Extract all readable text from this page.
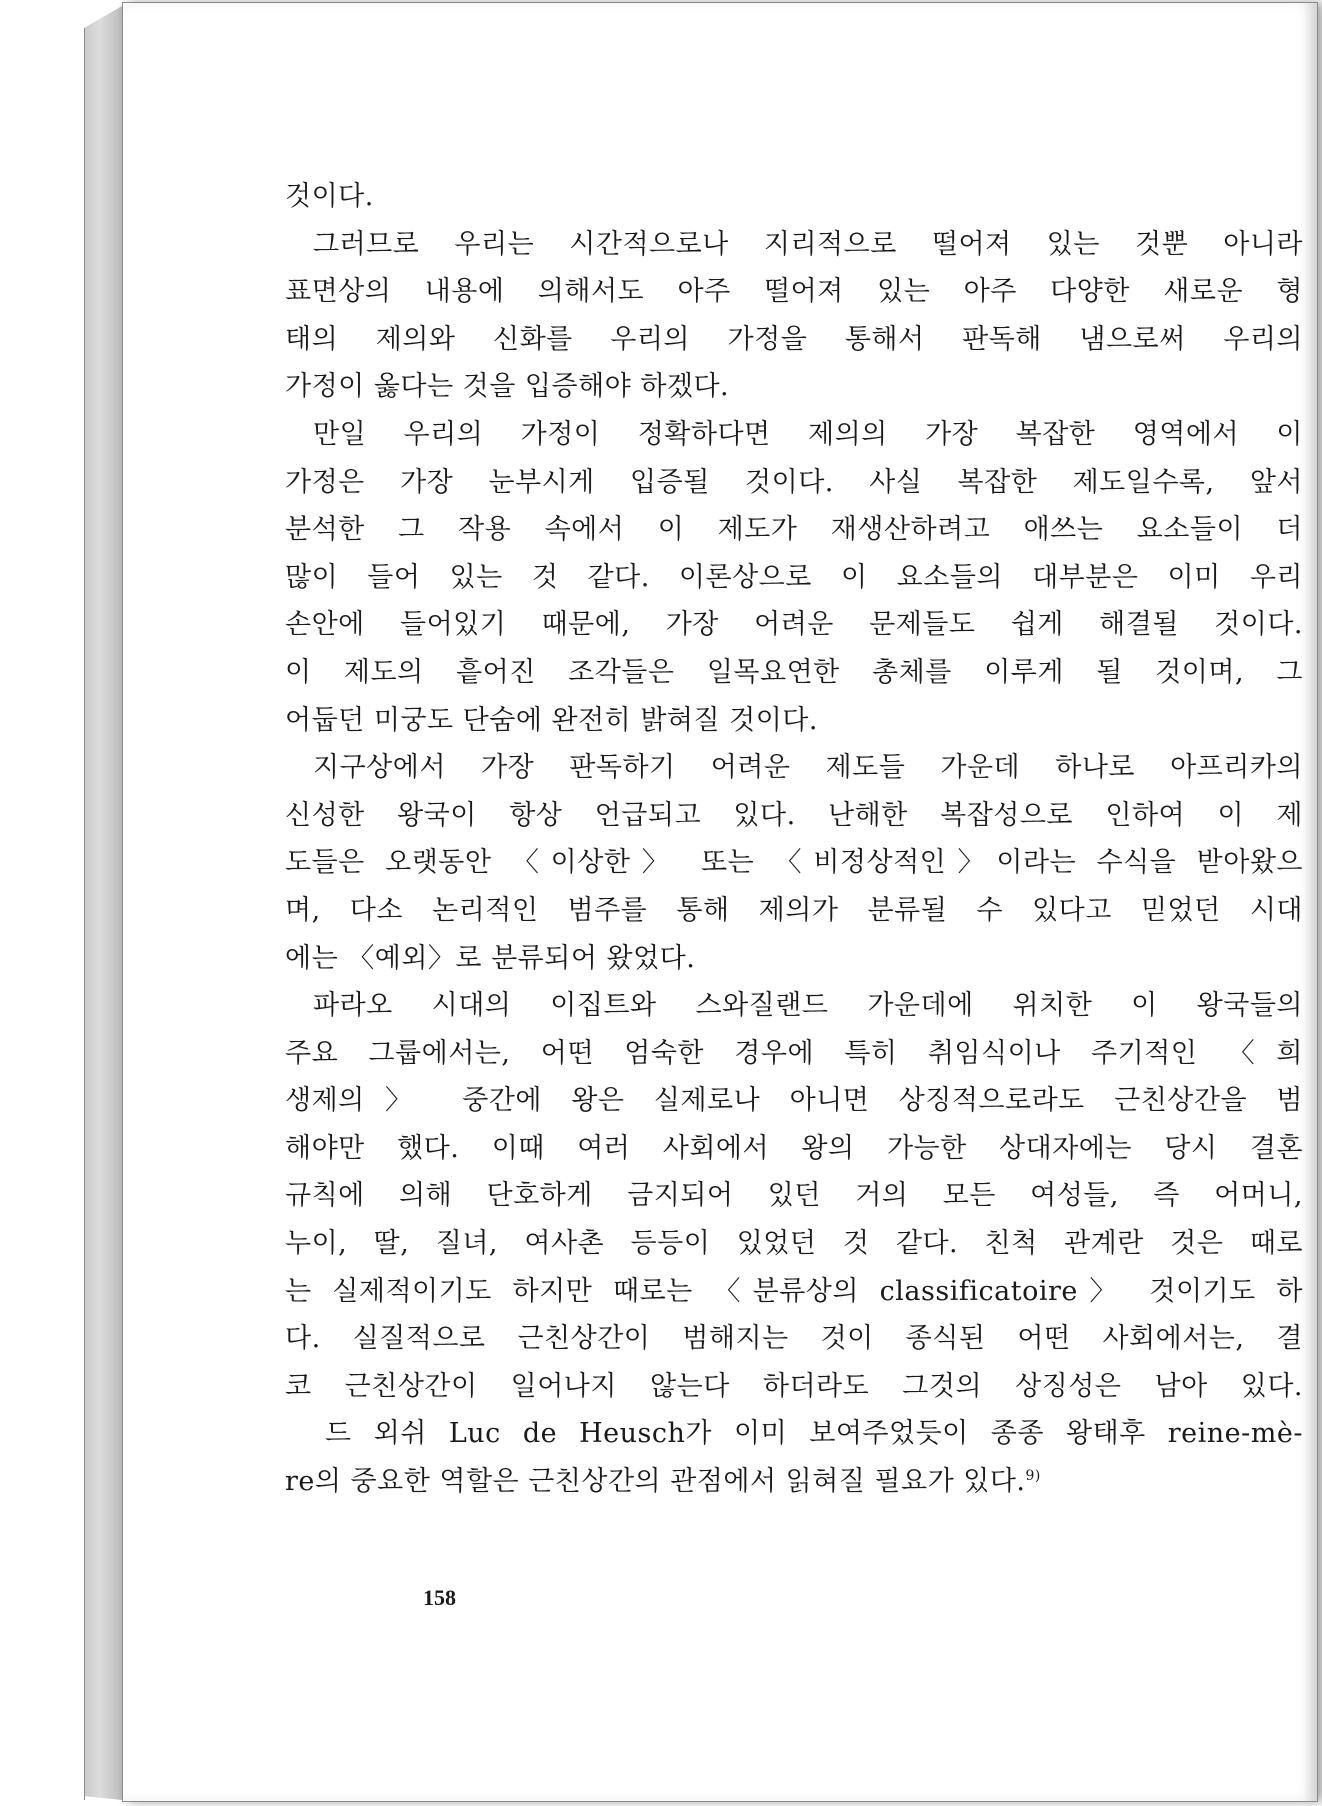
것이다.
그러므로 우리는 시간적으로나 지리적으로 떨어져 있는 것뿐 아니라
표면상의 내용에 의해서도 아주 떨어져 있는 아주 다양한 새로운 형
태의 제의와 신화를 우리의 가정을 통해서 판독해 냄으로써 우리의
가정이 옳다는 것을 입증해야 하겠다.
만일 우리의 가정이 정확하다면 제의의 가장 복잡한 영역에서 이
가정은 가장 눈부시게 입증될 것이다. 사실 복잡한 제도일수록, 앞서
분석한 그 작용 속에서 이 제도가 재생산하려고 애쓰는 요소들이 더
많이 들어 있는 것 같다. 이론상으로 이 요소들의 대부분은 이미 우리
손안에 들어있기 때문에, 가장 어려운 문제들도 쉽게 해결될 것이다.
이 제도의 흩어진 조각들은 일목요연한 총체를 이루게 될 것이며, 그
어둡던 미궁도 단숨에 완전히 밝혀질 것이다.
지구상에서 가장 판독하기 어려운 제도들 가운데 하나로 아프리카의
신성한 왕국이 항상 언급되고 있다. 난해한 복잡성으로 인하여 이 제
도들은 오랫동안 〈이상한〉 또는 〈비정상적인〉이라는 수식을 받아왔으
며, 다소 논리적인 범주를 통해 제의가 분류될 수 있다고 믿었던 시대
에는 〈예외〉로 분류되어 왔었다.
파라오 시대의 이집트와 스와질랜드 가운데에 위치한 이 왕국들의
주요 그룹에서는, 어떤 엄숙한 경우에 특히 취임식이나 주기적인 〈희
생제의〉 중간에 왕은 실제로나 아니면 상징적으로라도 근친상간을 범
해야만 했다. 이때 여러 사회에서 왕의 가능한 상대자에는 당시 결혼
규칙에 의해 단호하게 금지되어 있던 거의 모든 여성들, 즉 어머니,
누이, 딸, 질녀, 여사촌 등등이 있었던 것 같다. 친척 관계란 것은 때로
는 실제적이기도 하지만 때로는 〈분류상의 classificatoire〉 것이기도 하
다. 실질적으로 근친상간이 범해지는 것이 종식된 어떤 사회에서는, 결
코 근친상간이 일어나지 않는다 하더라도 그것의 상징성은 남아 있다.
드 외쉬 Luc de Heusch가 이미 보여주었듯이 종종 왕태후 reine-mè-
re의 중요한 역할은 근친상간의 관점에서 읽혀질 필요가 있다.$^{9)}$
158
